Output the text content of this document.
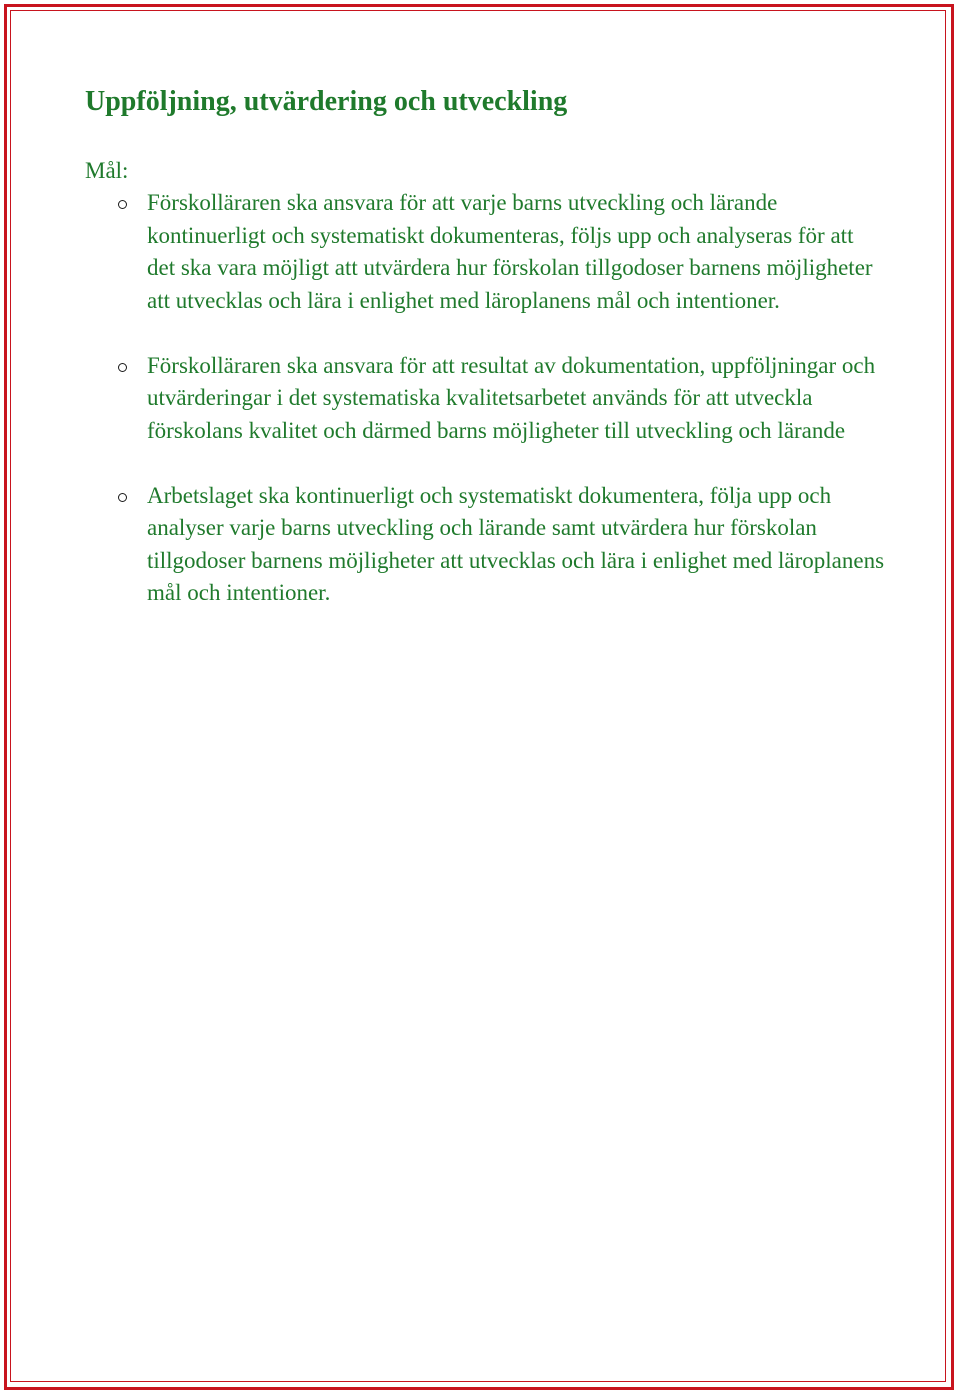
Uppföljning, utvärdering och utveckling

Mål:

Förskolläraren ska ansvara för att varje barns utveckling och lärande kontinuerligt och systematiskt dokumenteras, följs upp och analyseras för att det ska vara möjligt att utvärdera hur förskolan tillgodoser barnens möjligheter att utvecklas och lära i enlighet med läroplanens mål och intentioner.
Förskolläraren ska ansvara för att resultat av dokumentation, uppföljningar och utvärderingar i det systematiska kvalitetsarbetet används för att utveckla förskolans kvalitet och därmed barns möjligheter till utveckling och lärande
Arbetslaget ska kontinuerligt och systematiskt dokumentera, följa upp och analyser varje barns utveckling och lärande samt utvärdera hur förskolan tillgodoser barnens möjligheter att utvecklas och lära i enlighet med läroplanens mål och intentioner.
